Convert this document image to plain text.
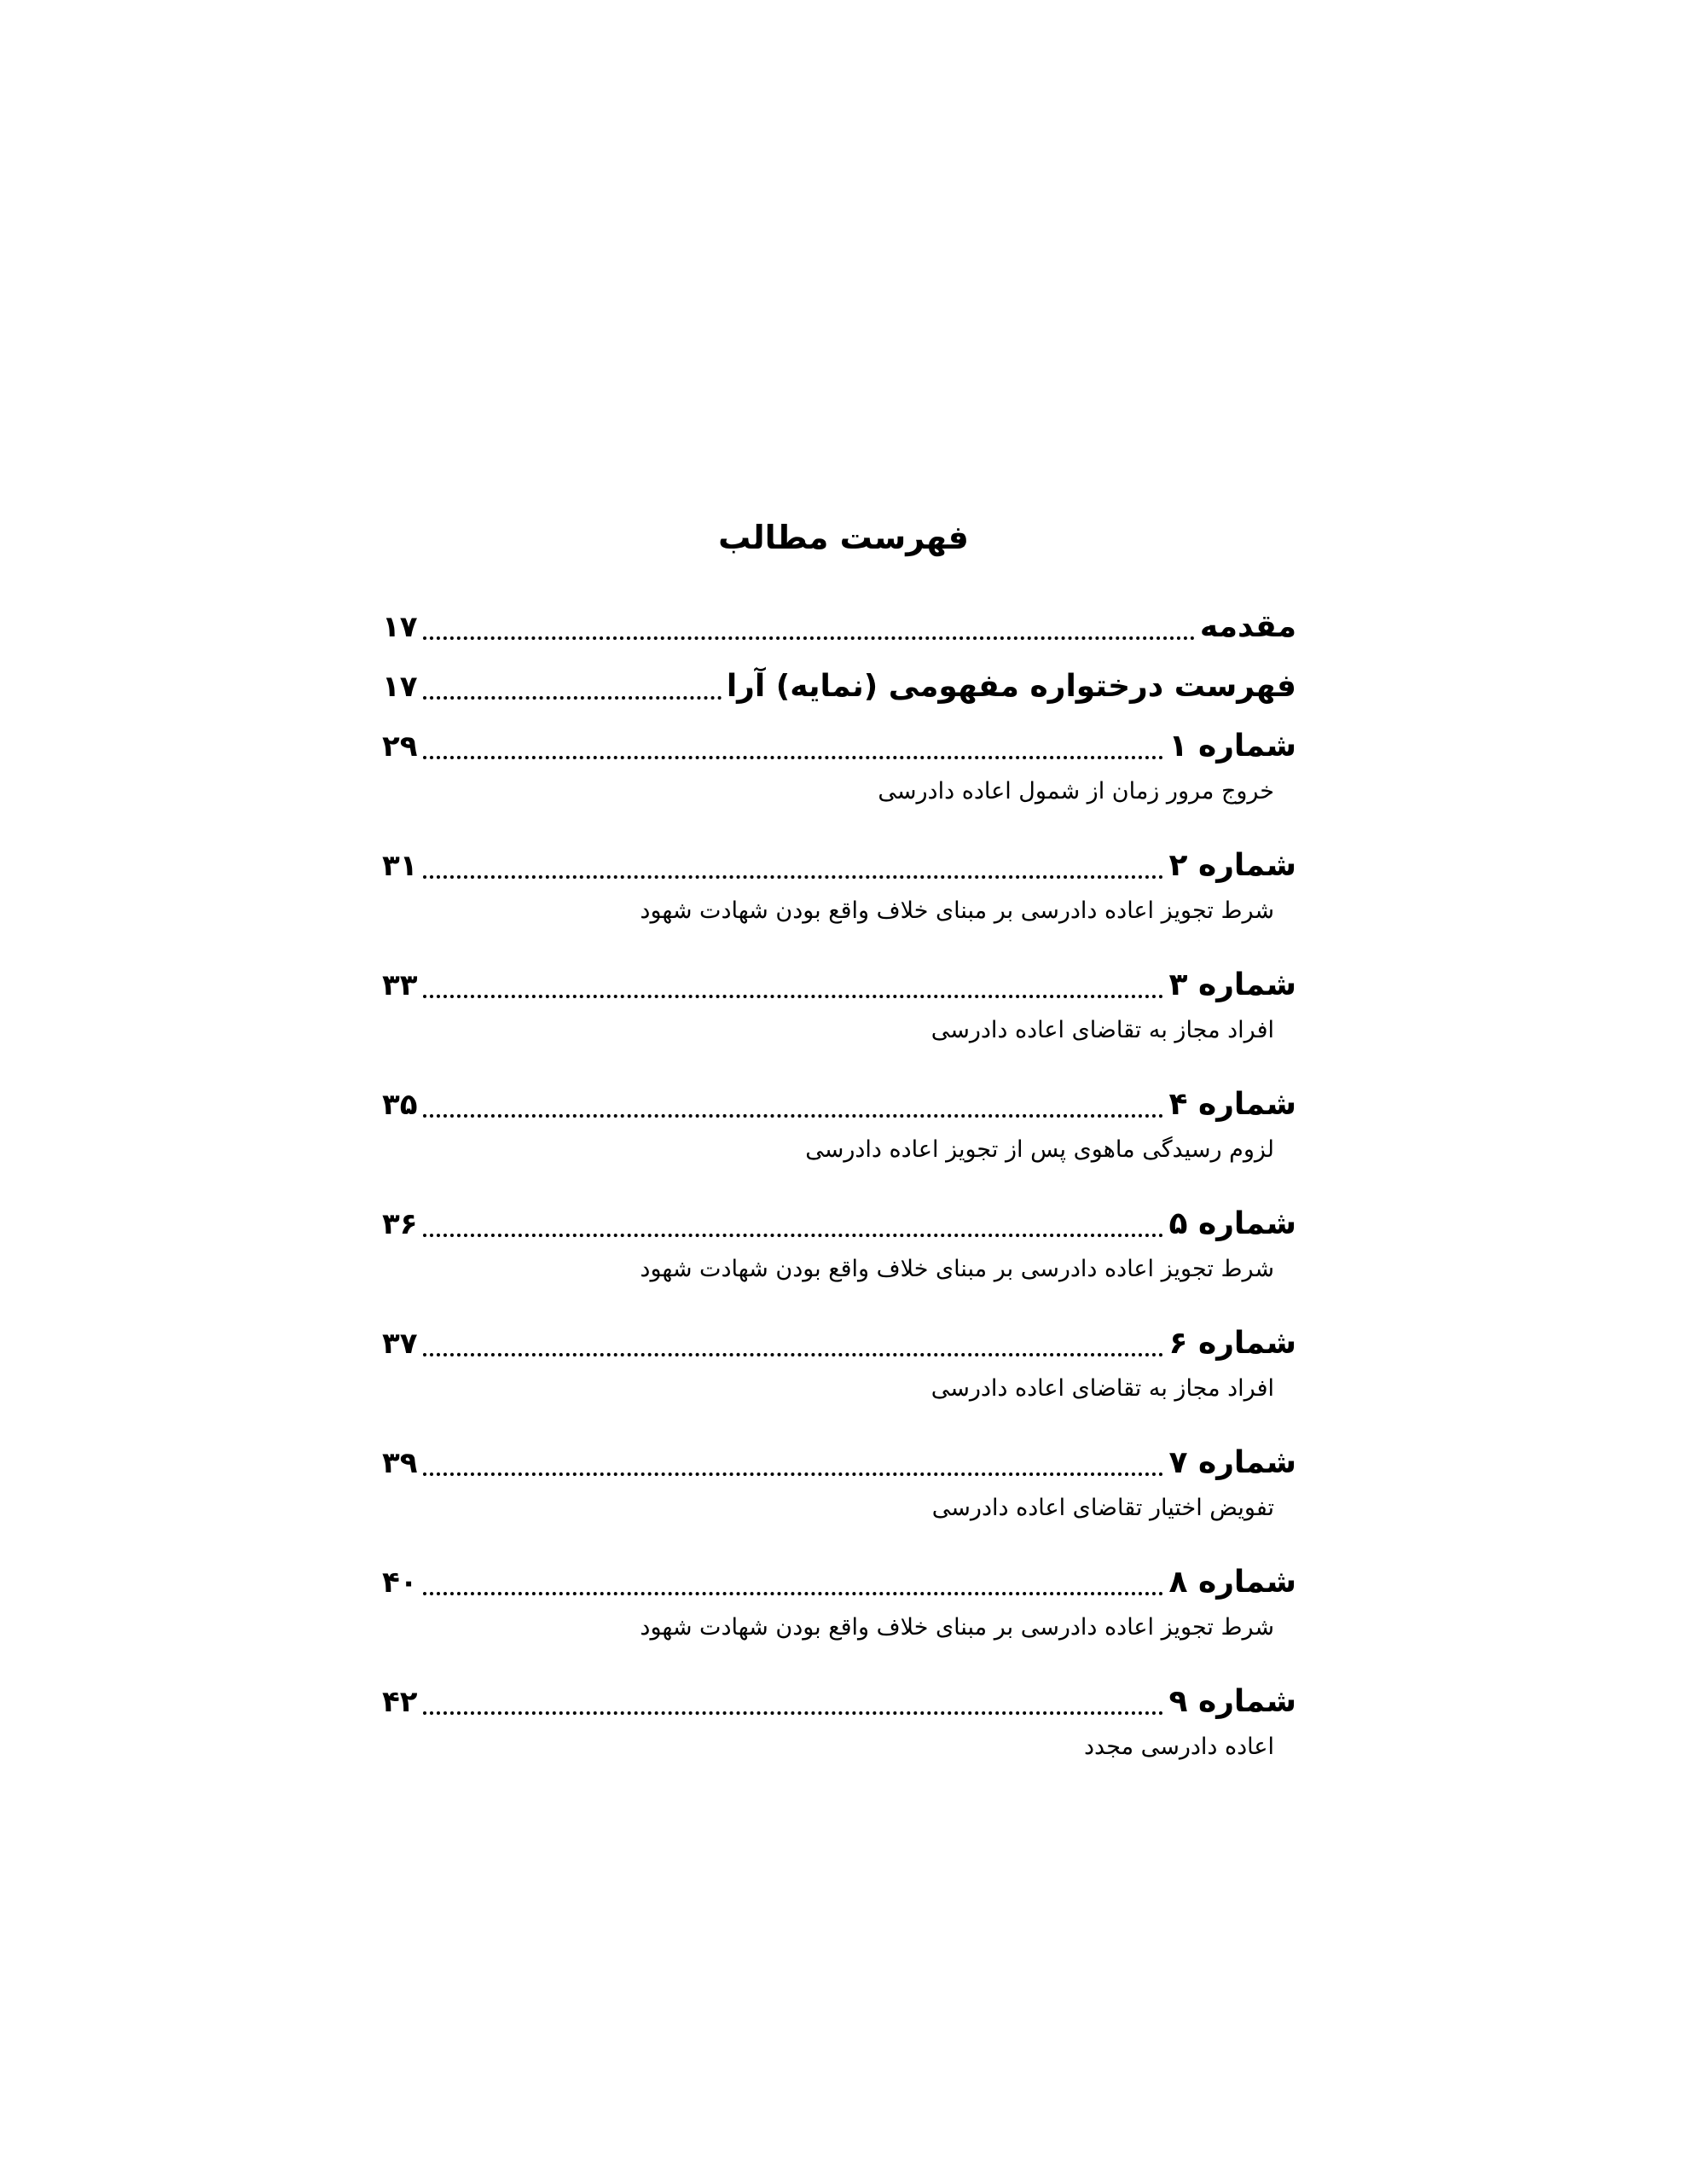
فهرست مطالب
مقدمه
۱۷
فهرست درختواره مفهومی (نمایه) آرا
۱۷
شماره ۱
۲۹
خروج مرور زمان از شمول اعاده دادرسی
شماره ۲
۳۱
شرط تجویز اعاده دادرسی بر مبنای خلاف واقع بودن شهادت شهود
شماره ۳
۳۳
افراد مجاز به تقاضای اعاده دادرسی
شماره ۴
۳۵
لزوم رسیدگی ماهوی پس از تجویز اعاده دادرسی
شماره ۵
۳۶
شرط تجویز اعاده دادرسی بر مبنای خلاف واقع بودن شهادت شهود
شماره ۶
۳۷
افراد مجاز به تقاضای اعاده دادرسی
شماره ۷
۳۹
تفویض اختیار تقاضای اعاده دادرسی
شماره ۸
۴۰
شرط تجویز اعاده دادرسی بر مبنای خلاف واقع بودن شهادت شهود
شماره ۹
۴۲
اعاده دادرسی مجدد
